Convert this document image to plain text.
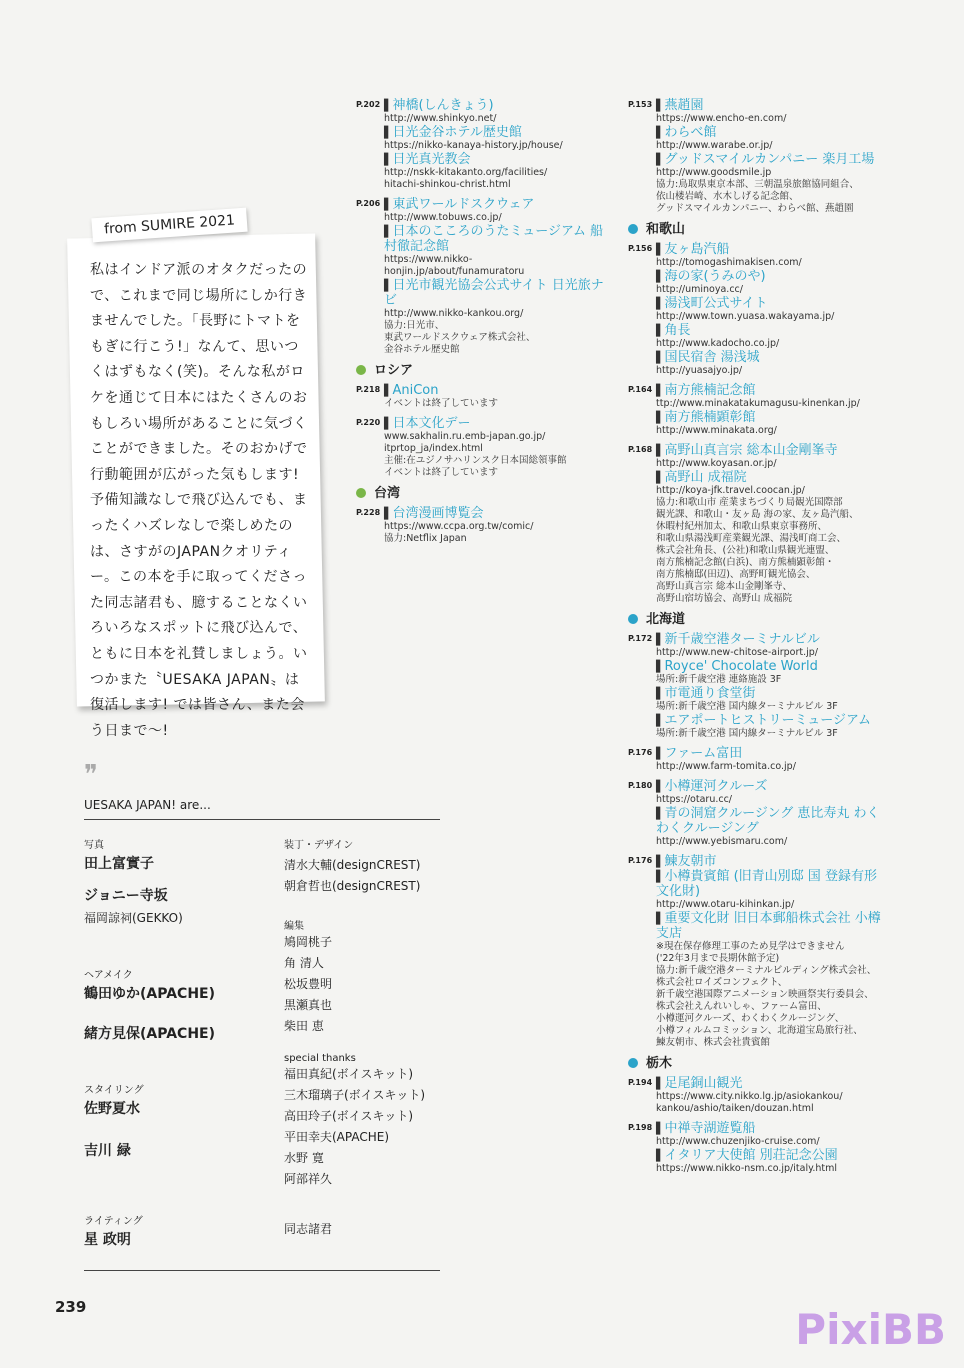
from SUMIRE 2021
私はインドア派のオタクだったので、これまで同じ場所にしか行きませんでした。「長野にトマトをもぎに行こう!」なんて、思いつくはずもなく(笑)。そんな私がロケを通じて日本にはたくさんのおもしろい場所があることに気づくことができました。そのおかげで行動範囲が広がった気もします! 予備知識なしで飛び込んでも、まったくハズレなしで楽しめたのは、さすがのJAPANクオリティー。この本を手に取ってくださった同志諸君も、臆することなくいろいろなスポットに飛び込んで、ともに日本を礼賛しましょう。いつかまた〝UESAKA JAPAN〟は復活します! では皆さん、また会う日まで〜!
❞
UESAKA JAPAN! are...
写真
田上富實子
ジョニー寺坂
福岡諒祠(GEKKO)
ヘアメイク
鶴田ゆか(APACHE)
緒方見保(APACHE)
スタイリング
佐野夏水
吉川 緑
ライティング
星 政明
装丁・デザイン
清水大輔(designCREST)
朝倉哲也(designCREST)
編集
鳩岡桃子
角 清人
松坂豊明
黒瀬真也
柴田 恵
special thanks
福田真紀(ボイスキット)
三木瑠璃子(ボイスキット)
高田玲子(ボイスキット)
平田幸夫(APACHE)
水野 寛
阿部祥久
同志諸君
239
P.202 ▌ 神橋(しんきょう)
http://www.shinkyo.net/
▌ 日光金谷ホテル歴史館
https://nikko-kanaya-history.jp/house/
▌ 日光真光教会
http://nskk-kitakanto.org/facilities/
hitachi-shinkou-christ.html
P.206 ▌ 東武ワールドスクウェア
http://www.tobuws.co.jp/
▌ 日本のこころのうたミュージアム 船村徹記念館
https://www.nikko-honjin.jp/about/funamuratoru
▌ 日光市観光協会公式サイト 日光旅ナビ
http://www.nikko-kankou.org/
協力:日光市、
東武ワールドスクウェア株式会社、
金谷ホテル歴史館
ロシア
P.218 ▌ AniCon
イベントは終了しています
P.220 ▌ 日本文化デー
www.sakhalin.ru.emb-japan.go.jp/
itprtop_ja/index.html
主催:在ユジノサハリンスク日本国総領事館
イベントは終了しています
台湾
P.228 ▌ 台湾漫画博覧会
https://www.ccpa.org.tw/comic/
協力:Netflix Japan
P.153 ▌ 燕趙園
https://www.encho-en.com/
▌ わらべ館
http://www.warabe.or.jp/
▌ グッドスマイルカンパニー 楽月工場
http://www.goodsmile.jp
協力:鳥取県東京本部、三朝温泉旅館協同組合、
依山楼岩崎、水木しげる記念館、
グッドスマイルカンパニー、わらべ館、燕趙園
和歌山
P.156 ▌ 友ヶ島汽船
http://tomogashimakisen.com/
▌ 海の家(うみのや)
http://uminoya.cc/
▌ 湯浅町公式サイト
http://www.town.yuasa.wakayama.jp/
▌ 角長
http://www.kadocho.co.jp/
▌ 国民宿舎 湯浅城
http://yuasajyo.jp/
P.164 ▌ 南方熊楠記念館
ttp://www.minakatakumagusu-kinenkan.jp/
▌ 南方熊楠顕彰館
http://www.minakata.org/
P.168 ▌ 高野山真言宗 総本山金剛峯寺
http://www.koyasan.or.jp/
▌ 高野山 成福院
http://koya-jfk.travel.coocan.jp/
協力:和歌山市 産業まちづくり局観光国際部
観光課、和歌山・友ヶ島 海の家、友ヶ島汽船、
休暇村紀州加太、和歌山県東京事務所、
和歌山県湯浅町産業観光課、湯浅町商工会、
株式会社角長、(公社)和歌山県観光連盟、
南方熊楠記念館(白浜)、南方熊楠顕彰館・
南方熊楠邸(田辺)、高野町観光協会、
高野山真言宗 総本山金剛峯寺、
高野山宿坊協会、高野山 成福院
北海道
P.172 ▌ 新千歳空港ターミナルビル
http://www.new-chitose-airport.jp/
▌ Royce' Chocolate World
場所:新千歳空港 連絡施設 3F
▌ 市電通り食堂街
場所:新千歳空港 国内線ターミナルビル 3F
▌ エアポートヒストリーミュージアム
場所:新千歳空港 国内線ターミナルビル 3F
P.176 ▌ ファーム富田
http://www.farm-tomita.co.jp/
P.180 ▌ 小樽運河クルーズ
https://otaru.cc/
▌ 青の洞窟クルージング 恵比寿丸 わくわくクルージング
http://www.yebismaru.com/
P.176 ▌ 鰊友朝市
▌ 小樽貴賓館 (旧青山別邸 国 登録有形文化財)
http://www.otaru-kihinkan.jp/
▌ 重要文化財 旧日本郵船株式会社 小樽支店
※現在保存修理工事のため見学はできません
('22年3月まで長期休館予定)
協力:新千歳空港ターミナルビルディング株式会社、
株式会社ロイズコンフェクト、
新千歳空港国際アニメーション映画祭実行委員会、
株式会社えんれいしゃ、ファーム富田、
小樽運河クルーズ、わくわくクルージング、
小樽フィルムコミッション、北海道宝島旅行社、
鰊友朝市、株式会社貴賓館
栃木
P.194 ▌ 足尾銅山観光
https://www.city.nikko.lg.jp/asiokankou/
kankou/ashio/taiken/douzan.html
P.198 ▌ 中禅寺湖遊覧船
http://www.chuzenjiko-cruise.com/
▌ イタリア大使館 別荘記念公園
https://www.nikko-nsm.co.jp/italy.html
PixiBB
